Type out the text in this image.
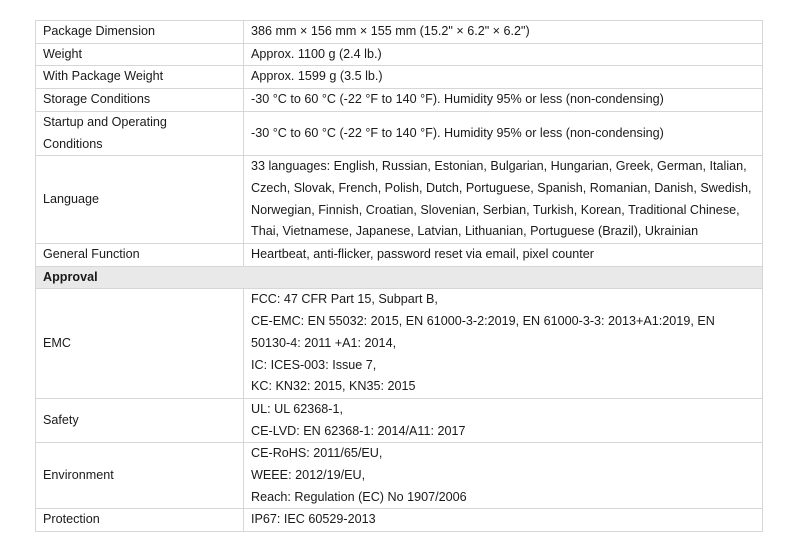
Package Dimension	386 mm × 156 mm × 155 mm (15.2" × 6.2" × 6.2")

Weight	Approx. 1100 g (2.4 lb.)

With Package Weight	Approx. 1599 g (3.5 lb.)

Storage Conditions	-30 °C to 60 °C (-22 °F to 140 °F). Humidity 95% or less (non-condensing)

Startup and Operating
Conditions	-30 °C to 60 °C (-22 °F to 140 °F). Humidity 95% or less (non-condensing)

Language	33 languages: English, Russian, Estonian, Bulgarian, Hungarian, Greek, German, Italian,
Czech, Slovak, French, Polish, Dutch, Portuguese, Spanish, Romanian, Danish, Swedish,
Norwegian, Finnish, Croatian, Slovenian, Serbian, Turkish, Korean, Traditional Chinese,
Thai, Vietnamese, Japanese, Latvian, Lithuanian, Portuguese (Brazil), Ukrainian

General Function	Heartbeat, anti-flicker, password reset via email, pixel counter

Approval	
EMC	FCC: 47 CFR Part 15, Subpart B,
CE-EMC: EN 55032: 2015, EN 61000-3-2:2019, EN 61000-3-3: 2013+A1:2019, EN
50130-4: 2011 +A1: 2014,
IC: ICES-003: Issue 7,
KC: KN32: 2015, KN35: 2015

Safety	UL: UL 62368-1,
CE-LVD: EN 62368-1: 2014/A11: 2017

Environment	CE-RoHS: 2011/65/EU,
WEEE: 2012/19/EU,
Reach: Regulation (EC) No 1907/2006

Protection	IP67: IEC 60529-2013
